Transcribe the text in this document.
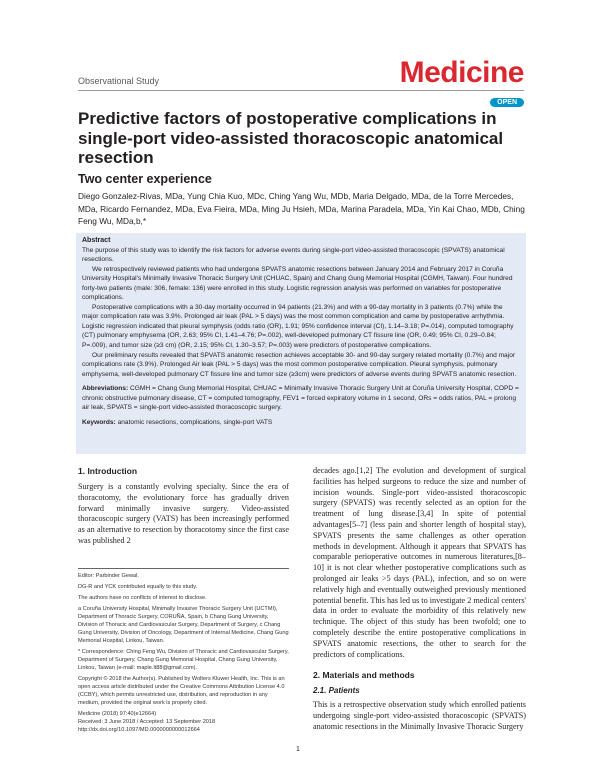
Observational Study	Medicine
OPEN
Predictive factors of postoperative complications in single-port video-assisted thoracoscopic anatomical resection
Two center experience

Diego Gonzalez-Rivas, MDa, Yung Chia Kuo, MDc, Ching Yang Wu, MDb, Maria Delgado, MDa, de la Torre Mercedes, MDa, Ricardo Fernandez, MDa, Eva Fieira, MDa, Ming Ju Hsieh, MDa, Marina Paradela, MDa, Yin Kai Chao, MDb, Ching Feng Wu, MDa,b,*

Abstract

The purpose of this study was to identify the risk factors for adverse events during single-port video-assisted thoracoscopic (SPVATS) anatomical resections.

We retrospectively reviewed patients who had undergone SPVATS anatomic resections between January 2014 and February 2017 in Coruña University Hospital's Minimally Invasive Thoracic Surgery Unit (CHUAC, Spain) and Chang Gung Memorial Hospital (CGMH, Taiwan). Four hundred forty-two patients (male: 306, female: 136) were enrolled in this study. Logistic regression analysis was performed on variables for postoperative complications.

Postoperative complications with a 30-day mortality occurred in 94 patients (21.3%) and with a 90-day mortality in 3 patients (0.7%) while the major complication rate was 3.9%. Prolonged air leak (PAL > 5 days) was the most common complication and came by postoperative arrhythmia. Logistic regression indicated that pleural symphysis (odds ratio (OR), 1.91; 95% confidence interval (CI), 1.14–3.18; P=.014), computed tomography (CT) pulmonary emphysema (OR, 2.63; 95% CI, 1.41–4.76; P=.002), well-developed pulmonary CT fissure line (OR, 0.49; 95% CI, 0.29–0.84; P=.009), and tumor size (≥3 cm) (OR, 2.15; 95% CI, 1.30–3.57; P=.003) were predictors of postoperative complications.

Our preliminary results revealed that SPVATS anatomic resection achieves acceptable 30- and 90-day surgery related mortality (0.7%) and major complications rate (3.9%). Prolonged Air leak (PAL > 5 days) was the most common postoperative complication. Pleural symphysis, pulmonary emphysema, well-developed pulmonary CT fissure line and tumor size (≥3cm) were predictors of adverse events during SPVATS anatomic resection.

Abbreviations: CGMH = Chang Gung Memorial Hospital, CHUAC = Minimally Invasive Thoracic Surgery Unit at Coruña University Hospital, COPD = chronic obstructive pulmonary disease, CT = computed tomography, FEV1 = forced expiratory volume in 1 second, ORs = odds ratios, PAL = prolong air leak, SPVATS = single-port video-assisted thoracoscopic surgery.

Keywords: anatomic resections, complications, single-port VATS

1. Introduction

Surgery is a constantly evolving specialty. Since the era of thoracotomy, the evolutionary force has gradually driven forward minimally invasive surgery. Video-assisted thoracoscopic surgery (VATS) has been increasingly performed as an alternative to resection by thoracotomy since the first case was published 2

Editor: Parbinder Gewal.

DG-R and YCK contributed equally to this study.

The authors have no conflicts of interest to disclose.

a Coruña University Hospital, Minimally Invasive Thoracic Surgery Unit (UCTMI), Department of Thoracic Surgery, CORUÑA, Spain, b Chang Gung University, Division of Thoracic and Cardiovascular Surgery, Department of Surgery, c Chang Gung University, Division of Oncology, Department of Internal Medicine, Chang Gung Memorial Hospital, Linkou, Taiwan.

* Correspondence: Ching Feng Wu, Division of Thoracic and Cardiovascular Surgery, Department of Surgery, Chang Gung Memorial Hospital, Chang Gung University, Linkou, Taiwan (e-mail: maple.lt88@gmail.com).

Copyright © 2018 the Author(s). Published by Wolters Kluwer Health, Inc. This is an open access article distributed under the Creative Commons Attribution License 4.0 (CCBY), which permits unrestricted use, distribution, and reproduction in any medium, provided the original work is properly cited.

Medicine (2018) 97:40(e12664)

Received: 3 June 2018 / Accepted: 13 September 2018

http://dx.doi.org/10.1097/MD.0000000000012664

decades ago.[1,2] The evolution and development of surgical facilities has helped surgeons to reduce the size and number of incision wounds. Single-port video-assisted thoracoscopic surgery (SPVATS) was recently selected as an option for the treatment of lung disease.[3,4] In spite of potential advantages[5–7] (less pain and shorter length of hospital stay), SPVATS presents the same challenges as other operation methods in development. Although it appears that SPVATS has comparable perioperative outcomes in numerous literatures,[8–10] it is not clear whether postoperative complications such as prolonged air leaks >5 days (PAL), infection, and so on were relatively high and eventually outweighed previously mentioned potential benefit. This has led us to investigate 2 medical centers' data in order to evaluate the morbidity of this relatively new technique. The object of this study has been twofold; one to completely describe the entire postoperative complications in SPVATS anatomic resections, the other to search for the predictors of complications.

2. Materials and methods
2.1. Patients

This is a retrospective observation study which enrolled patients undergoing single-port video-assisted thoracoscopic (SPVATS) anatomic resections in the Minimally Invasive Thoracic Surgery

1
